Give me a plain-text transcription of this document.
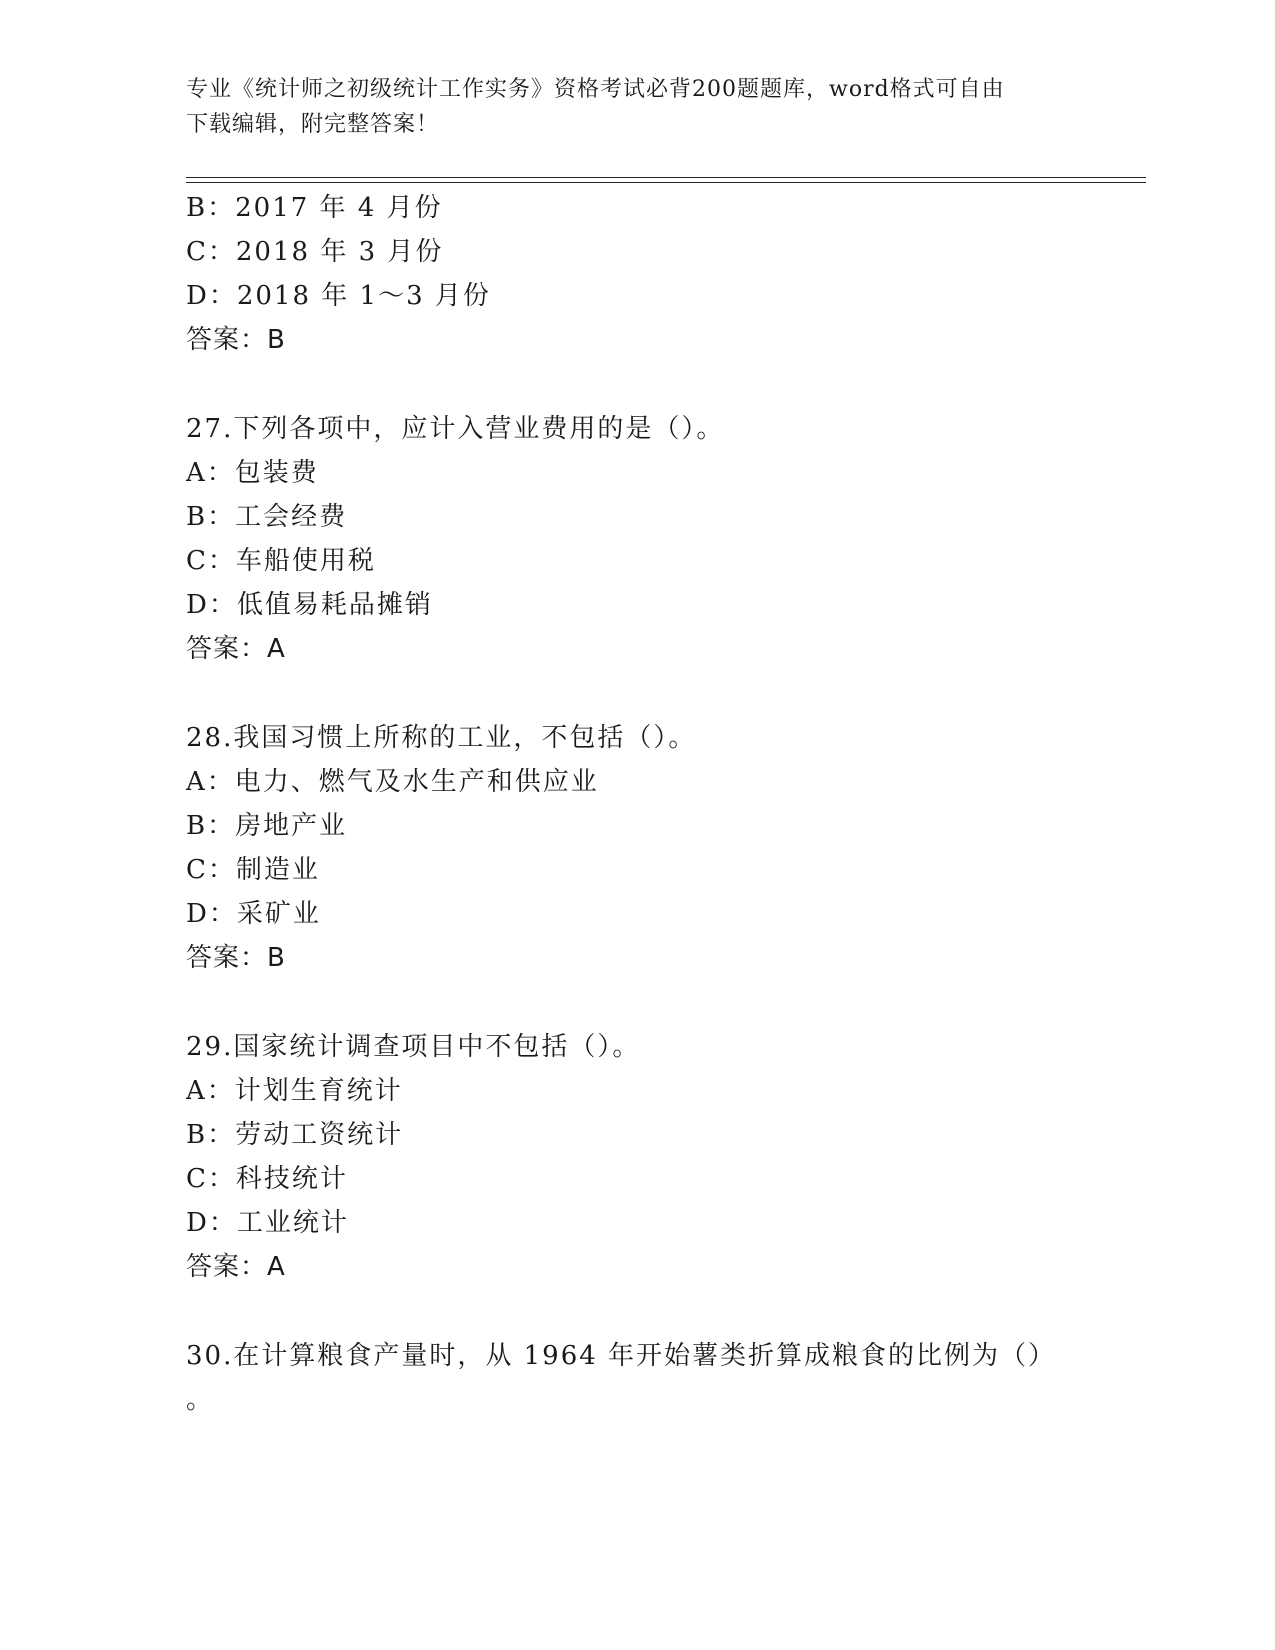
专业《统计师之初级统计工作实务》资格考试必背200题题库，word格式可自由
下载编辑，附完整答案！
B：2017 年 4 月份
C：2018 年 3 月份
D：2018 年 1～3 月份
答案：B
27.下列各项中，应计入营业费用的是（）。
A：包装费
B：工会经费
C：车船使用税
D：低值易耗品摊销
答案：A
28.我国习惯上所称的工业，不包括（）。
A：电力、燃气及水生产和供应业
B：房地产业
C：制造业
D：采矿业
答案：B
29.国家统计调查项目中不包括（）。
A：计划生育统计
B：劳动工资统计
C：科技统计
D：工业统计
答案：A
30.在计算粮食产量时，从 1964 年开始薯类折算成粮食的比例为（）
。
